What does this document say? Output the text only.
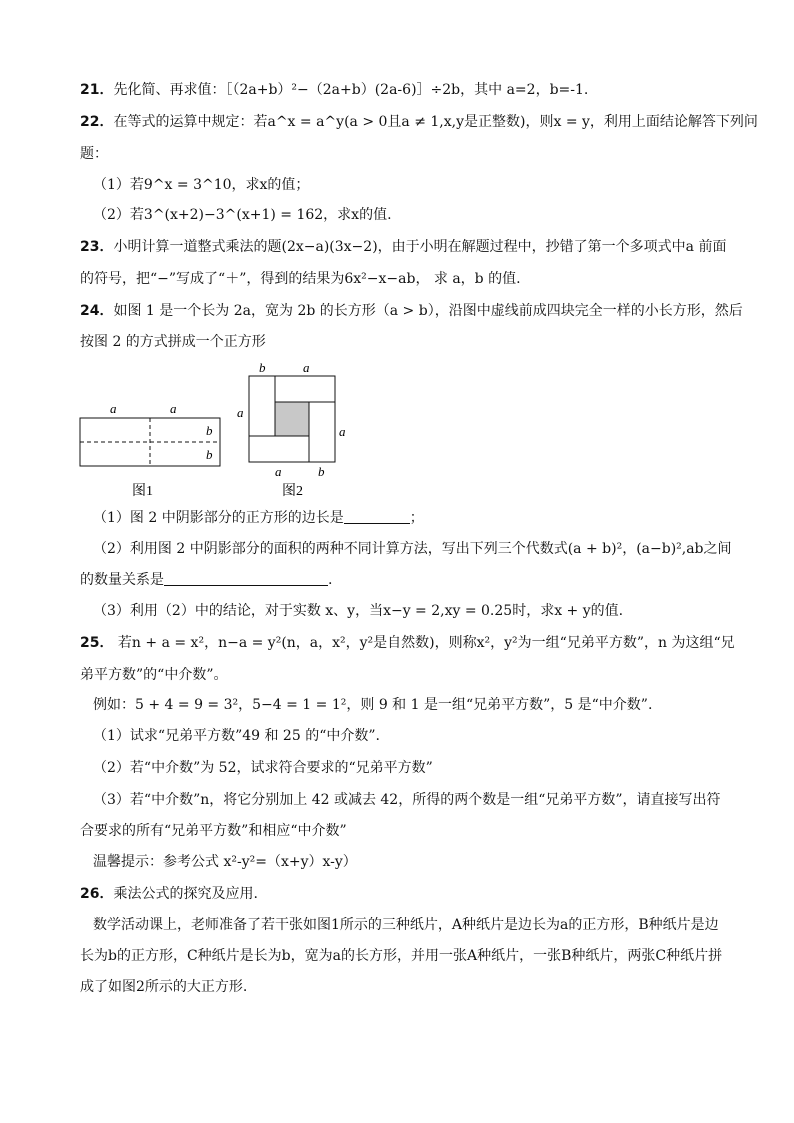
21．先化简、再求值：［（2a+b）²−（2a+b）(2a-6)］÷2b，其中 a=2，b=-1.
22．在等式的运算中规定：若a^x = a^y(a > 0且a ≠ 1,x,y是正整数)，则x = y，利用上面结论解答下列问
题：
（1）若9^x = 3^10，求x的值；
（2）若3^(x+2)−3^(x+1) = 162，求x的值.
23．小明计算一道整式乘法的题(2x−a)(3x−2)，由于小明在解题过程中，抄错了第一个多项式中a 前面
的符号，把“−”写成了“＋”，得到的结果为6x²−x−ab， 求 a，b 的值.
24．如图 1 是一个长为 2a，宽为 2b 的长方形（a > b），沿图中虚线前成四块完全一样的小长方形，然后
按图 2 的方式拼成一个正方形
a	a
b
b
图1
b	a
a
a
a	b
图2
（1）图 2 中阴影部分的正方形的边长是	；
（2）利用图 2 中阴影部分的面积的两种不同计算方法，写出下列三个代数式(a + b)²，(a−b)²,ab之间
的数量关系是	.
（3）利用（2）中的结论，对于实数 x、y，当x−y = 2,xy = 0.25时，求x + y的值.
25． 若n + a = x²，n−a = y²(n，a，x²，y²是自然数)，则称x²，y²为一组“兄弟平方数”，n 为这组“兄
弟平方数”的“中介数”。
例如：5 + 4 = 9 = 3²，5−4 = 1 = 1²，则 9 和 1 是一组“兄弟平方数”，5 是“中介数”.
（1）试求“兄弟平方数”49 和 25 的“中介数”.
（2）若“中介数”为 52，试求符合要求的“兄弟平方数”
（3）若“中介数”n，将它分别加上 42 或减去 42，所得的两个数是一组“兄弟平方数”，请直接写出符
合要求的所有“兄弟平方数”和相应“中介数”
温馨提示：参考公式 x²-y²=（x+y）x-y）
26．乘法公式的探究及应用.
数学活动课上，老师准备了若干张如图1所示的三种纸片，A种纸片是边长为a的正方形，B种纸片是边
长为b的正方形，C种纸片是长为b，宽为a的长方形，并用一张A种纸片，一张B种纸片，两张C种纸片拼
成了如图2所示的大正方形.
